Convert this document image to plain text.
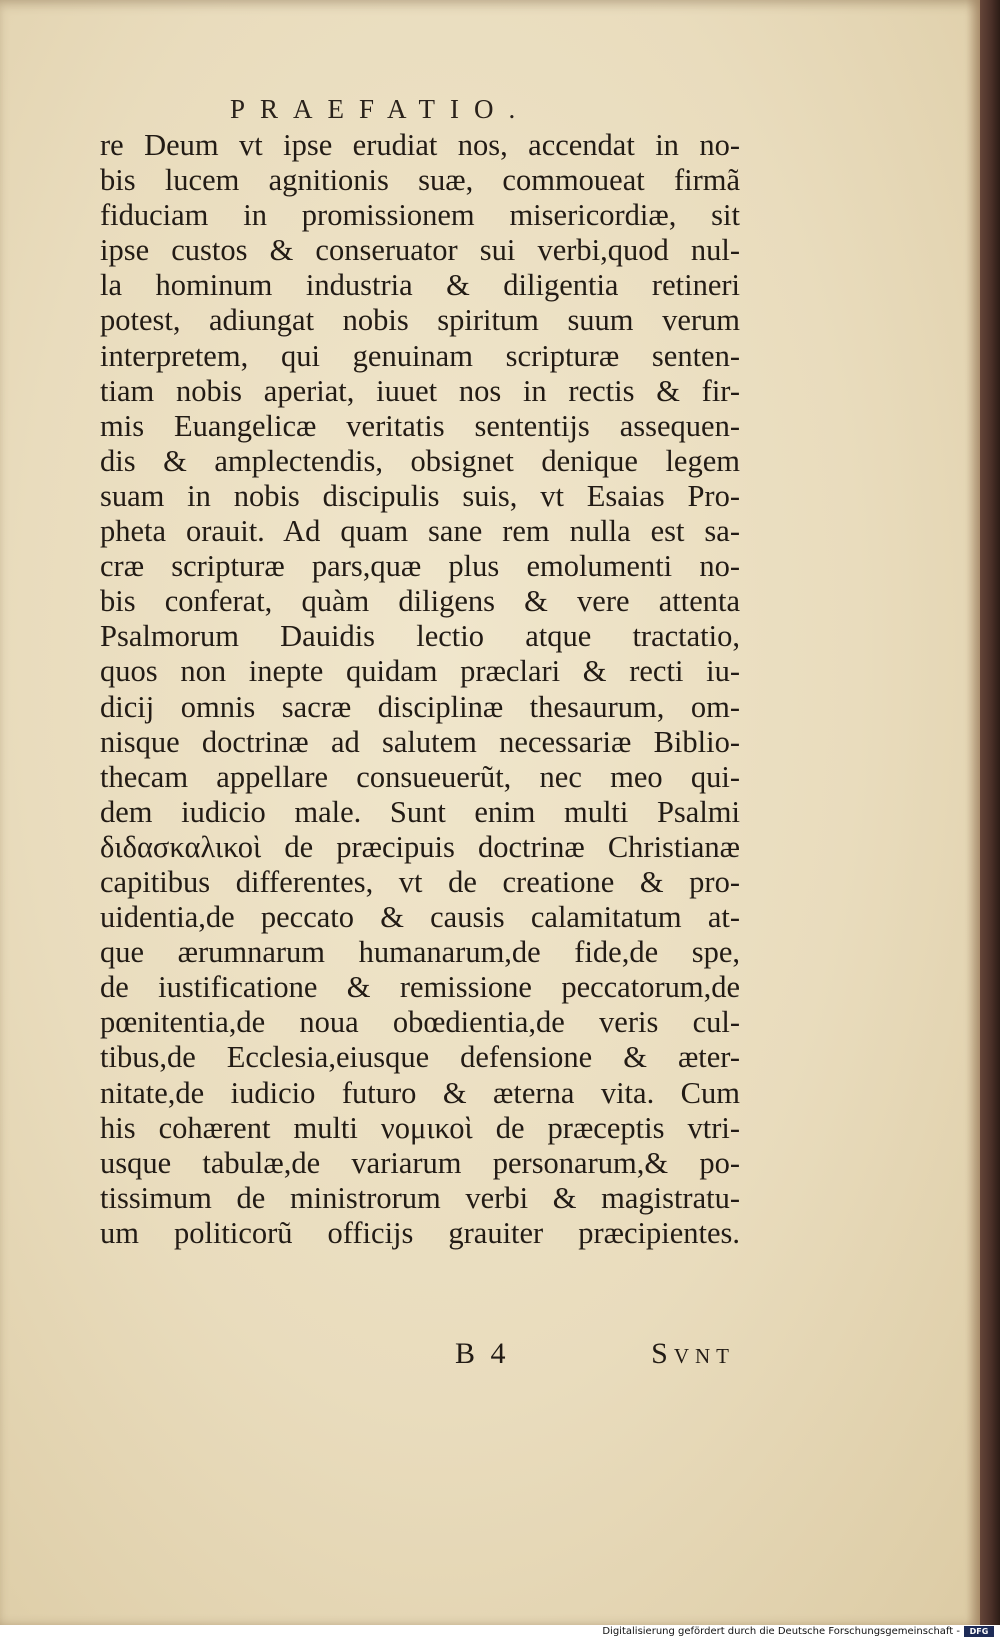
PRAEFATIO.
re Deum vt ipse erudiat nos, accendat in no-
bis lucem agnitionis suæ, commoueat firmã
fiduciam in promissionem misericordiæ, sit
ipse custos & conseruator sui verbi,quod nul-
la hominum industria & diligentia retineri
potest, adiungat nobis spiritum suum verum
interpretem, qui genuinam scripturæ senten-
tiam nobis aperiat, iuuet nos in rectis & fir-
mis Euangelicæ veritatis sententijs assequen-
dis & amplectendis, obsignet denique legem
suam in nobis discipulis suis, vt Esaias Pro-
pheta orauit. Ad quam sane rem nulla est sa-
cræ scripturæ pars,quæ plus emolumenti no-
bis conferat, quàm diligens & vere attenta
Psalmorum Dauidis lectio atque tractatio,
quos non inepte quidam præclari & recti iu-
dicij omnis sacræ disciplinæ thesaurum, om-
nisque doctrinæ ad salutem necessariæ Biblio-
thecam appellare consueuerũt, nec meo qui-
dem iudicio male. Sunt enim multi Psalmi
διδασκαλικοὶ de præcipuis doctrinæ Christianæ
capitibus differentes, vt de creatione & pro-
uidentia,de peccato & causis calamitatum at-
que ærumnarum humanarum,de fide,de spe,
de iustificatione & remissione peccatorum,de
pœnitentia,de noua obœdientia,de veris cul-
tibus,de Ecclesia,eiusque defensione & æter-
nitate,de iudicio futuro & æterna vita. Cum
his cohærent multi νομικοὶ de præceptis vtri-
usque tabulæ,de variarum personarum,& po-
tissimum de ministrorum verbi & magistratu-
um politicorũ officijs grauiter præcipientes.
B 4	Svnt
Digitalisierung gefördert durch die Deutsche Forschungsgemeinschaft -	DFG
